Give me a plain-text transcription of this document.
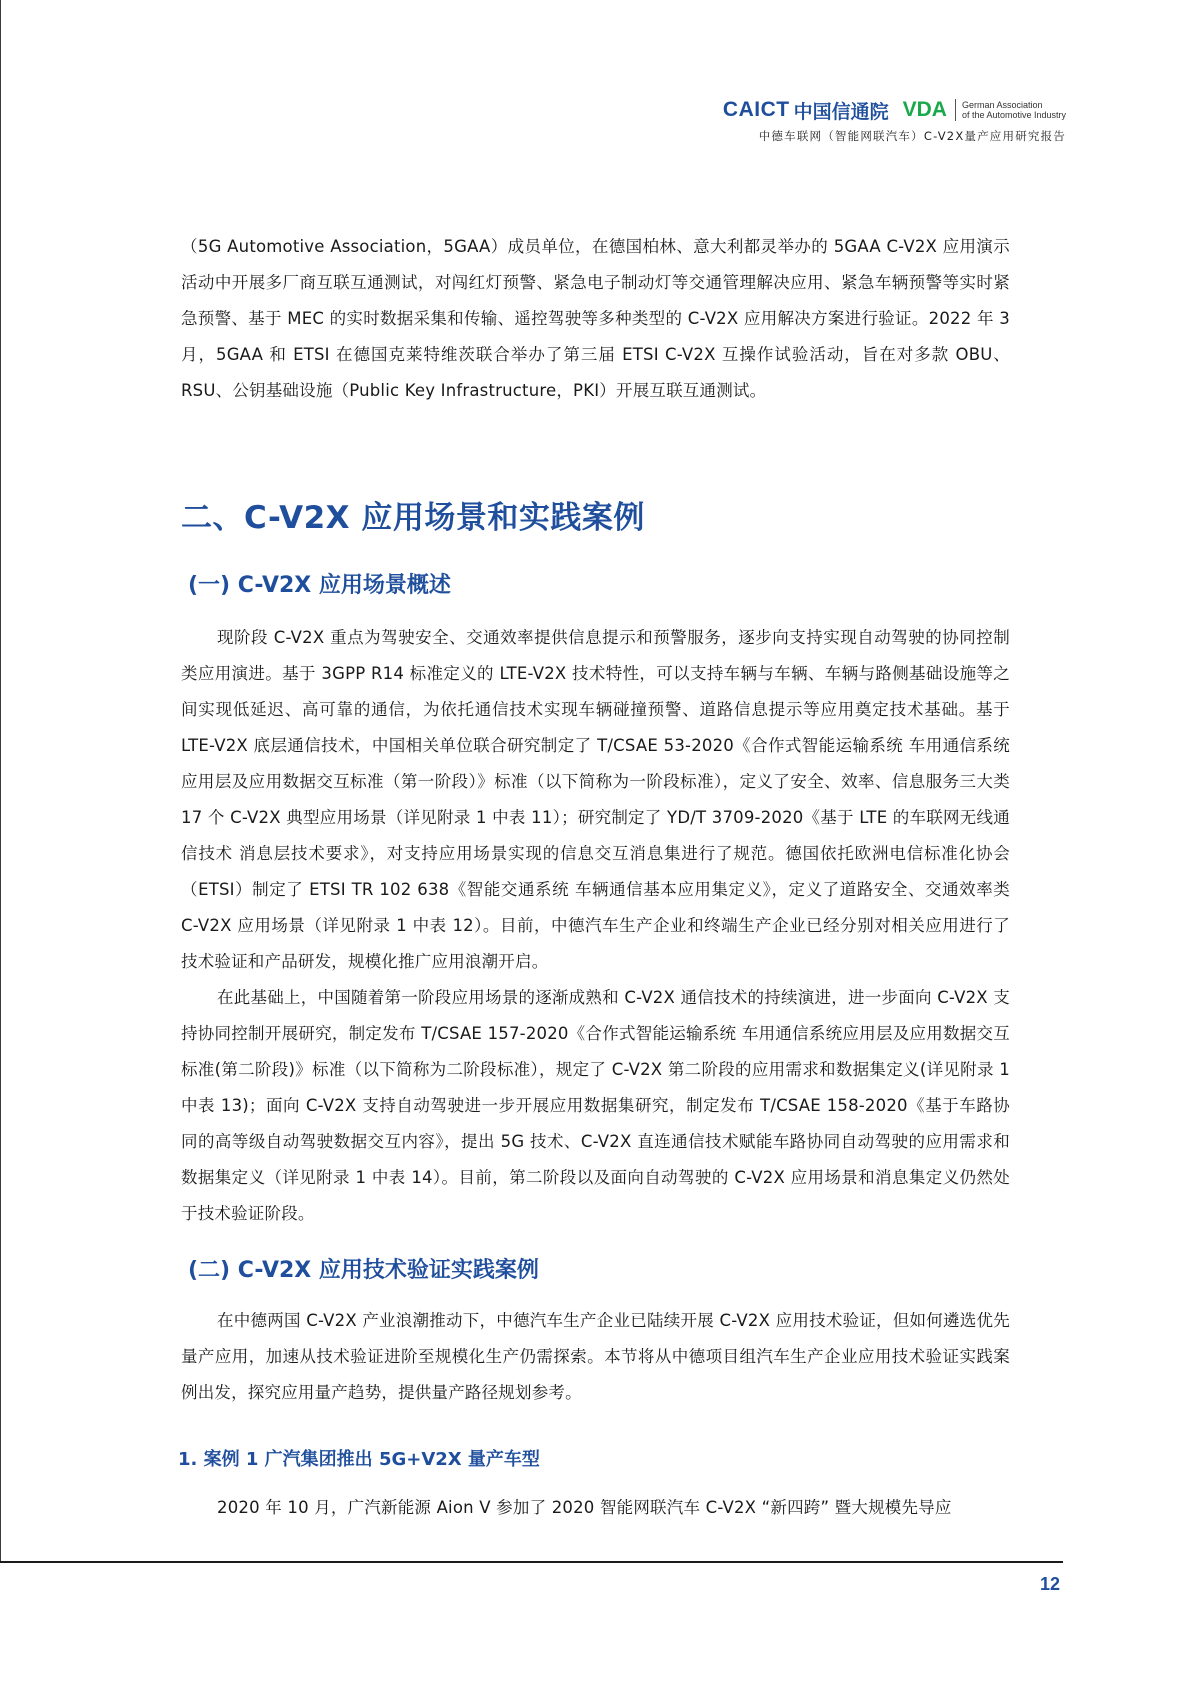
CAICT 中国信通院 VDA German Association
of the Automotive Industry
中德车联网（智能网联汽车）C-V2X量产应用研究报告

（5G Automotive Association，5GAA）成员单位，在德国柏林、意大利都灵举办的 5GAA C-V2X 应用演示活动中开展多厂商互联互通测试，对闯红灯预警、紧急电子制动灯等交通管理解决应用、紧急车辆预警等实时紧急预警、基于 MEC 的实时数据采集和传输、遥控驾驶等多种类型的 C-V2X 应用解决方案进行验证。2022 年 3 月，5GAA 和 ETSI 在德国克莱特维茨联合举办了第三届 ETSI C-V2X 互操作试验活动，旨在对多款 OBU、RSU、公钥基础设施（Public Key Infrastructure，PKI）开展互联互通测试。

二、C-V2X 应用场景和实践案例
(一) C-V2X 应用场景概述

现阶段 C-V2X 重点为驾驶安全、交通效率提供信息提示和预警服务，逐步向支持实现自动驾驶的协同控制类应用演进。基于 3GPP R14 标准定义的 LTE-V2X 技术特性，可以支持车辆与车辆、车辆与路侧基础设施等之间实现低延迟、高可靠的通信，为依托通信技术实现车辆碰撞预警、道路信息提示等应用奠定技术基础。基于 LTE-V2X 底层通信技术，中国相关单位联合研究制定了 T/CSAE 53-2020《合作式智能运输系统 车用通信系统应用层及应用数据交互标准（第一阶段）》标准（以下简称为一阶段标准），定义了安全、效率、信息服务三大类 17 个 C-V2X 典型应用场景（详见附录 1 中表 11）；研究制定了 YD/T 3709-2020《基于 LTE 的车联网无线通信技术 消息层技术要求》，对支持应用场景实现的信息交互消息集进行了规范。德国依托欧洲电信标准化协会（ETSI）制定了 ETSI TR 102 638《智能交通系统 车辆通信基本应用集定义》，定义了道路安全、交通效率类 C-V2X 应用场景（详见附录 1 中表 12）。目前，中德汽车生产企业和终端生产企业已经分别对相关应用进行了技术验证和产品研发，规模化推广应用浪潮开启。

在此基础上，中国随着第一阶段应用场景的逐渐成熟和 C-V2X 通信技术的持续演进，进一步面向 C-V2X 支持协同控制开展研究，制定发布 T/CSAE 157-2020《合作式智能运输系统 车用通信系统应用层及应用数据交互标准(第二阶段)》标准（以下简称为二阶段标准），规定了 C-V2X 第二阶段的应用需求和数据集定义(详见附录 1 中表 13)；面向 C-V2X 支持自动驾驶进一步开展应用数据集研究，制定发布 T/CSAE 158-2020《基于车路协同的高等级自动驾驶数据交互内容》，提出 5G 技术、C-V2X 直连通信技术赋能车路协同自动驾驶的应用需求和数据集定义（详见附录 1 中表 14）。目前，第二阶段以及面向自动驾驶的 C-V2X 应用场景和消息集定义仍然处于技术验证阶段。

(二) C-V2X 应用技术验证实践案例

在中德两国 C-V2X 产业浪潮推动下，中德汽车生产企业已陆续开展 C-V2X 应用技术验证，但如何遴选优先量产应用，加速从技术验证进阶至规模化生产仍需探索。本节将从中德项目组汽车生产企业应用技术验证实践案例出发，探究应用量产趋势，提供量产路径规划参考。

1. 案例 1 广汽集团推出 5G+V2X 量产车型

2020 年 10 月，广汽新能源 Aion V 参加了 2020 智能网联汽车 C-V2X “新四跨” 暨大规模先导应

12
